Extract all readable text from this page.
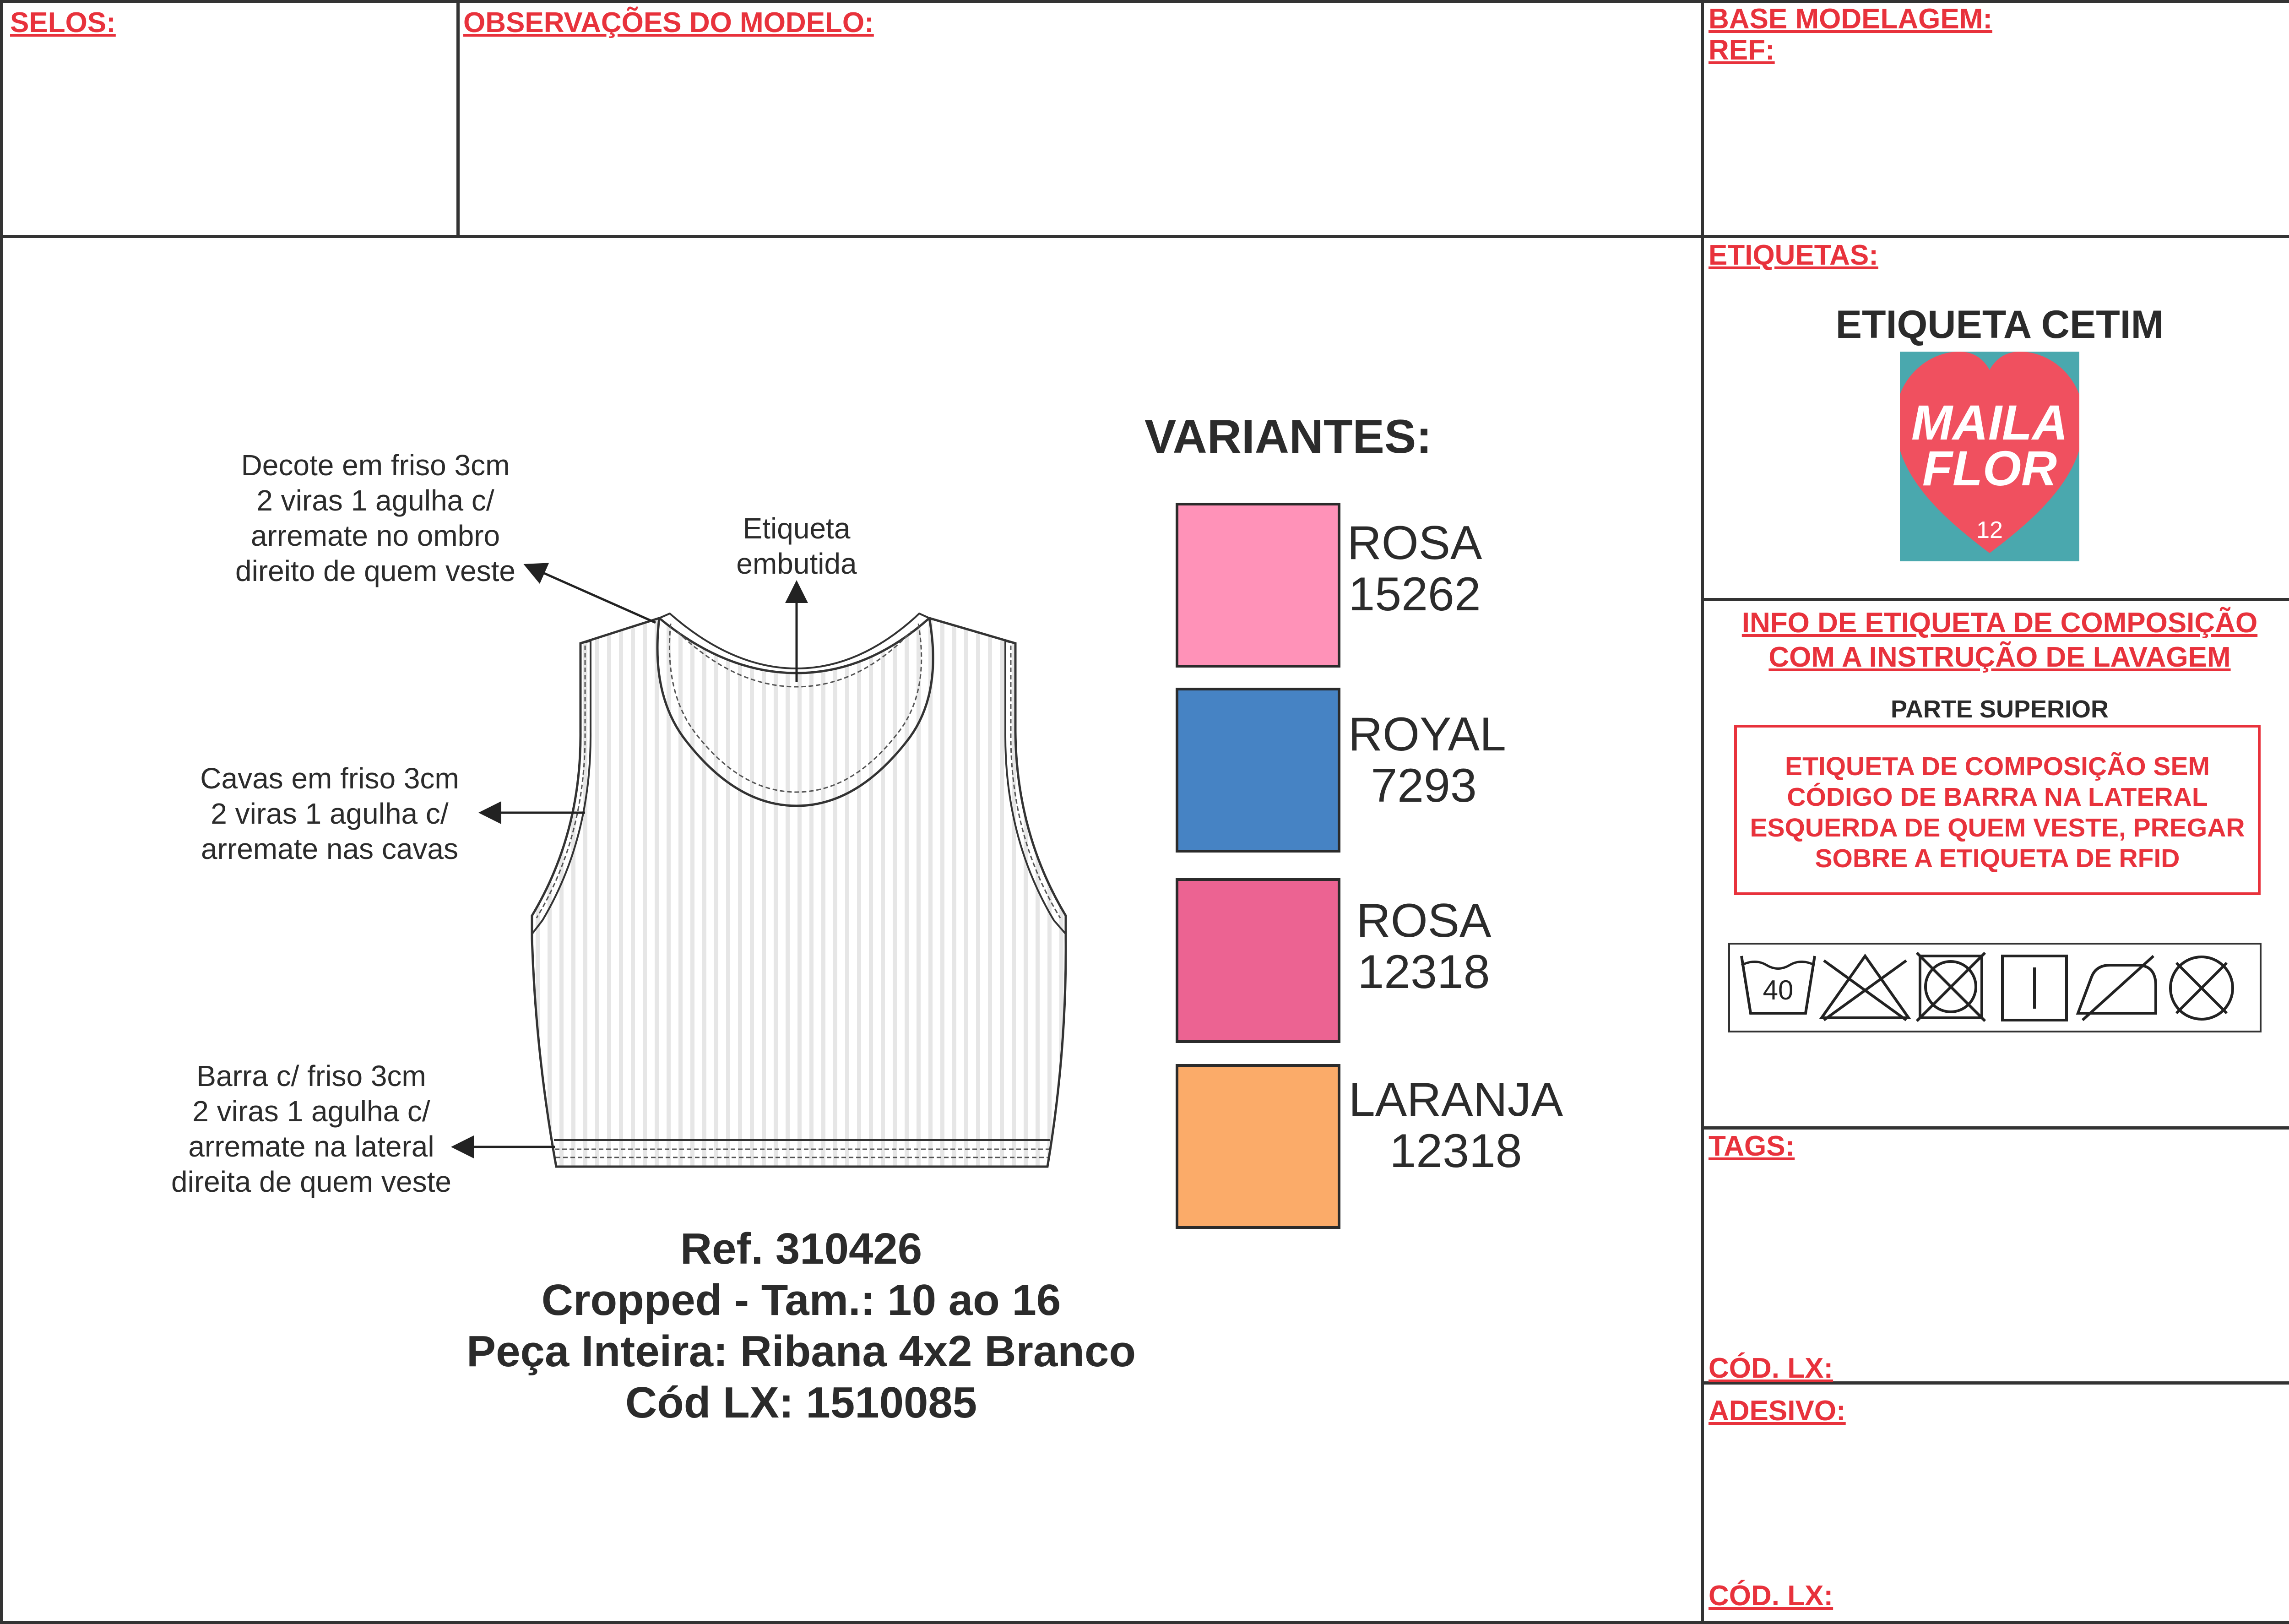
SELOS:	OBSERVAÇÕES DO MODELO:	BASE MODELAGEM:
REF:
Decote em friso 3cm
2 viras 1 agulha c/
arremate no ombro
direito de quem veste
Etiqueta
embutida
Cavas em friso 3cm
2 viras 1 agulha c/
arremate nas cavas
Barra c/ friso 3cm
2 viras 1 agulha c/
arremate na lateral
direita de quem veste
VARIANTES:
ROSA
15262
ROYAL
7293
ROSA
12318
LARANJA
12318
Ref. 310426
Cropped - Tam.: 10 ao 16
Peça Inteira: Ribana 4x2 Branco
Cód LX: 1510085
ETIQUETAS:
ETIQUETA CETIM
MAILA
FLOR
12
INFO DE ETIQUETA DE COMPOSIÇÃO
COM A INSTRUÇÃO DE LAVAGEM
PARTE SUPERIOR
ETIQUETA DE COMPOSIÇÃO SEM
CÓDIGO DE BARRA NA LATERAL
ESQUERDA DE QUEM VESTE, PREGAR
SOBRE A ETIQUETA DE RFID
40
TAGS:
CÓD. LX:
ADESIVO:
CÓD. LX:
